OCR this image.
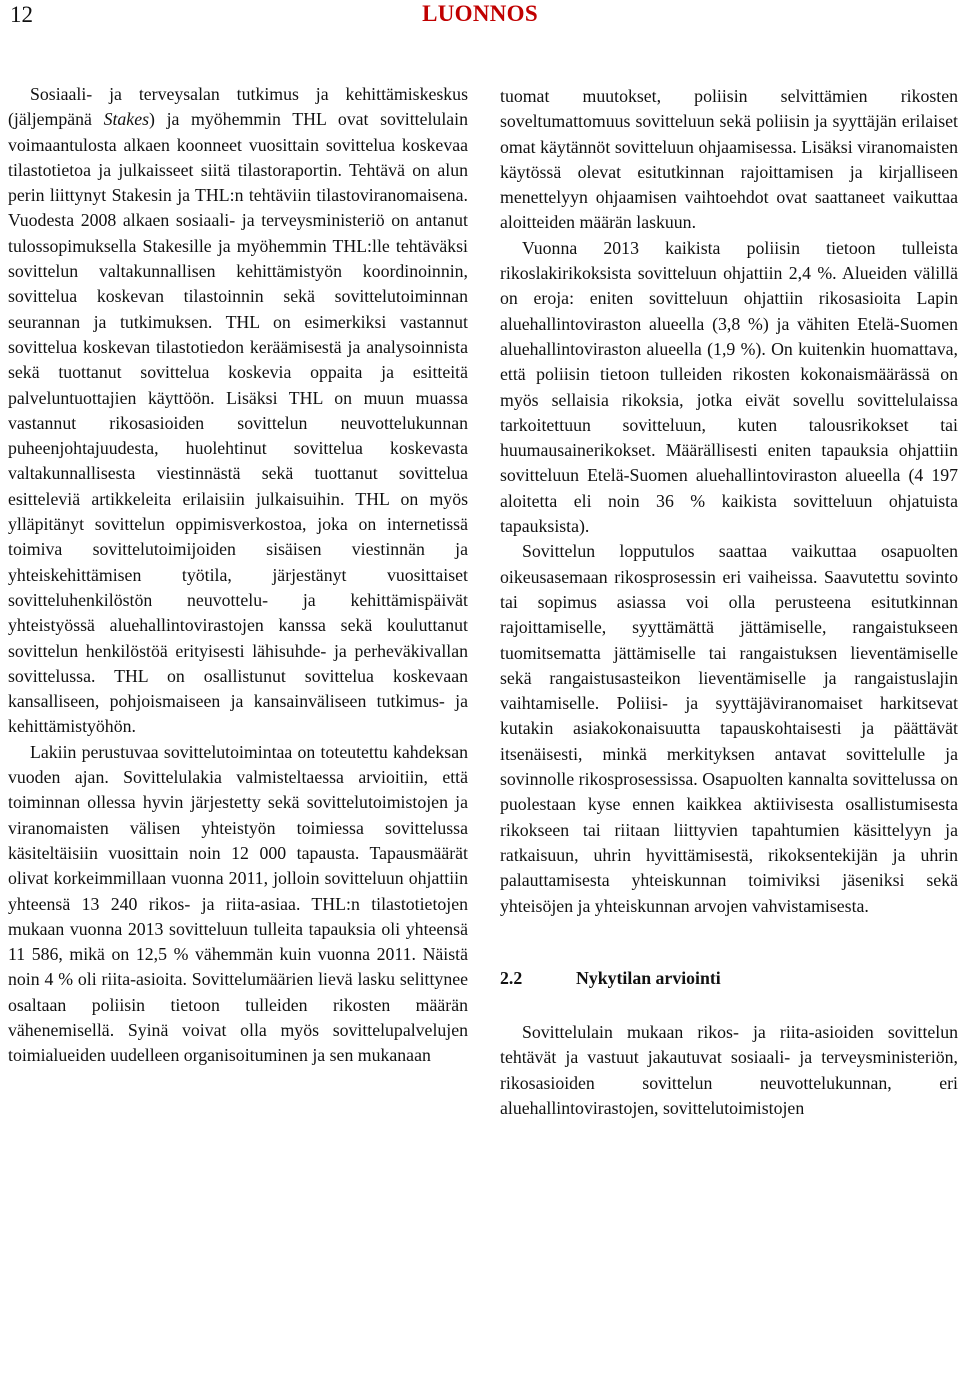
12	LUONNOS

Sosiaali- ja terveysalan tutkimus ja kehittämiskeskus (jäljempänä Stakes) ja myöhemmin THL ovat sovittelulain voimaantulosta alkaen koonneet vuosittain sovittelua koskevaa tilastotietoa ja julkaisseet siitä tilastoraportin. Tehtävä on alun perin liittynyt Stakesin ja THL:n tehtäviin tilastoviranomaisena. Vuodesta 2008 alkaen sosiaali- ja terveysministeriö on antanut tulossopimuksella Stakesille ja myöhemmin THL:lle tehtäväksi sovittelun valtakunnallisen kehittämistyön koordinoinnin, sovittelua koskevan tilastoinnin sekä sovittelutoiminnan seurannan ja tutkimuksen. THL on esimerkiksi vastannut sovittelua koskevan tilastotiedon keräämisestä ja analysoinnista sekä tuottanut sovittelua koskevia oppaita ja esitteitä palveluntuottajien käyttöön. Lisäksi THL on muun muassa vastannut rikosasioiden sovittelun neuvottelukunnan puheenjohtajuudesta, huolehtinut sovittelua koskevasta valtakunnallisesta viestinnästä sekä tuottanut sovittelua esitteleviä artikkeleita erilaisiin julkaisuihin. THL on myös ylläpitänyt sovittelun oppimisverkostoa, joka on internetissä toimiva sovittelutoimijoiden sisäisen viestinnän ja yhteiskehittämisen työtila, järjestänyt vuosittaiset sovitteluhenkilöstön neuvottelu- ja kehittämispäivät yhteistyössä aluehallintovirastojen kanssa sekä kouluttanut sovittelun henkilöstöä erityisesti lähisuhde- ja perheväkivallan sovittelussa. THL on osallistunut sovittelua koskevaan kansalliseen, pohjoismaiseen ja kansainväliseen tutkimus- ja kehittämistyöhön.

Lakiin perustuvaa sovittelutoimintaa on toteutettu kahdeksan vuoden ajan. Sovittelulakia valmisteltaessa arvioitiin, että toiminnan ollessa hyvin järjestetty sekä sovittelutoimistojen ja viranomaisten välisen yhteistyön toimiessa sovittelussa käsiteltäisiin vuosittain noin 12 000 tapausta. Tapausmäärät olivat korkeimmillaan vuonna 2011, jolloin sovitteluun ohjattiin yhteensä 13 240 rikos- ja riita-asiaa. THL:n tilastotietojen mukaan vuonna 2013 sovitteluun tulleita tapauksia oli yhteensä 11 586, mikä on 12,5 % vähemmän kuin vuonna 2011. Näistä noin 4 % oli riita-asioita. Sovittelumäärien lievä lasku selittynee osaltaan poliisin tietoon tulleiden rikosten määrän vähenemisellä. Syinä voivat olla myös sovittelupalvelujen toimialueiden uudelleen organisoituminen ja sen mukanaan

tuomat muutokset, poliisin selvittämien rikosten soveltumattomuus sovitteluun sekä poliisin ja syyttäjän erilaiset omat käytännöt sovitteluun ohjaamisessa. Lisäksi viranomaisten käytössä olevat esitutkinnan rajoittamisen ja kirjalliseen menettelyyn ohjaamisen vaihtoehdot ovat saattaneet vaikuttaa aloitteiden määrän laskuun.

Vuonna 2013 kaikista poliisin tietoon tulleista rikoslakirikoksista sovitteluun ohjattiin 2,4 %. Alueiden välillä on eroja: eniten sovitteluun ohjattiin rikosasioita Lapin aluehallintoviraston alueella (3,8 %) ja vähiten Etelä-Suomen aluehallintoviraston alueella (1,9 %). On kuitenkin huomattava, että poliisin tietoon tulleiden rikosten kokonaismäärässä on myös sellaisia rikoksia, jotka eivät sovellu sovittelulaissa tarkoitettuun sovitteluun, kuten talousrikokset tai huumausainerikokset. Määrällisesti eniten tapauksia ohjattiin sovitteluun Etelä-Suomen aluehallintoviraston alueella (4 197 aloitetta eli noin 36 % kaikista sovitteluun ohjatuista tapauksista).

Sovittelun lopputulos saattaa vaikuttaa osapuolten oikeusasemaan rikosprosessin eri vaiheissa. Saavutettu sovinto tai sopimus asiassa voi olla perusteena esitutkinnan rajoittamiselle, syyttämättä jättämiselle, rangaistukseen tuomitsematta jättämiselle tai rangaistuksen lieventämiselle sekä rangaistusasteikon lieventämiselle ja rangaistuslajin vaihtamiselle. Poliisi- ja syyttäjäviranomaiset harkitsevat kutakin asiakokonaisuutta tapauskohtaisesti ja päättävät itsenäisesti, minkä merkityksen antavat sovittelulle ja sovinnolle rikosprosessissa. Osapuolten kannalta sovittelussa on puolestaan kyse ennen kaikkea aktiivisesta osallistumisesta rikokseen tai riitaan liittyvien tapahtumien käsittelyyn ja ratkaisuun, uhrin hyvittämisestä, rikoksentekijän ja uhrin palauttamisesta yhteiskunnan toimiviksi jäseniksi sekä yhteisöjen ja yhteiskunnan arvojen vahvistamisesta.

2.2	Nykytilan arviointi

Sovittelulain mukaan rikos- ja riita-asioiden sovittelun tehtävät ja vastuut jakautuvat sosiaali- ja terveysministeriön, rikosasioiden sovittelun neuvottelukunnan, eri aluehallintovirastojen, sovittelutoimistojen
